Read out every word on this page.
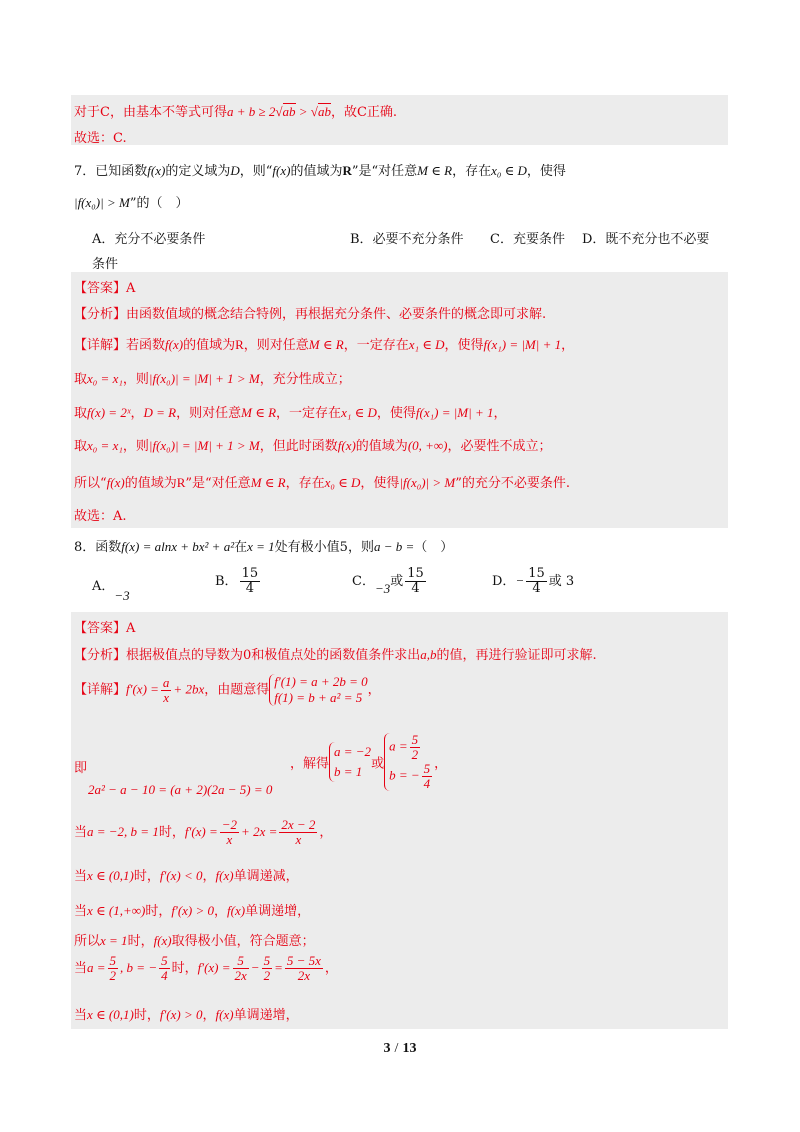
对于C，由基本不等式可得a + b ≥ 2√ab > √ab，故C正确.
故选：C.
7．已知函数f(x)的定义域为D，则“f(x)的值域为R”是“对任意M ∈ R，存在x₀ ∈ D，使得
|f(x₀)| > M”的（　）
A．充分不必要条件
条件
B．必要不充分条件 C．充要条件 D．既不充分也不必要
【答案】A
【分析】由函数值域的概念结合特例，再根据充分条件、必要条件的概念即可求解.
【详解】若函数f(x)的值域为R，则对任意M ∈ R，一定存在x₁ ∈ D，使得f(x₁) = |M| + 1，
取x₀ = x₁，则|f(x₀)| = |M| + 1 > M，充分性成立；
取f(x) = 2ˣ，D = R，则对任意M ∈ R，一定存在x₁ ∈ D，使得f(x₁) = |M| + 1，
取x₀ = x₁，则|f(x₀)| = |M| + 1 > M，但此时函数f(x)的值域为(0, +∞)，必要性不成立；
所以“f(x)的值域为R”是“对任意M ∈ R，存在x₀ ∈ D，使得|f(x₀)| > M”的充分不必要条件.
故选：A.
8．函数f(x) = alnx + bx² + a²在x = 1处有极小值5，则a − b =（　）
A．−3
B． $\frac{15}{4}$	C．−3或 $\frac{15}{4}$	D．− $\frac{15}{4}$ 或 3
【答案】A
【分析】根据极值点的导数为0和极值点处的函数值条件求出a,b的值，再进行验证即可求解.
【详解】$f'(x) = \frac{a}{x} + 2bx$，由题意得
f′(1) = a + 2b = 0
f(1) = b + a² = 5 ，
即
2a² − a − 10 = (a + 2)(2a − 5) = 0
，解得
a = −2
b = 1 或
$a = \frac{5}{2}$
b = − $\frac{5}{4}$ ，
当a = −2, b = 1时，$f'(x) = \frac{-2}{x} + 2x = \frac{2x - 2}{x}$ ，
当x ∈ (0,1)时，f′(x) < 0，f(x)单调递减，
当x ∈ (1,+∞)时，f′(x) > 0，f(x)单调递增，
所以x = 1时，f(x)取得极小值，符合题意；
当$a = \frac{5}{2}$ , b = − $\frac{5}{4}$ 时，$f'(x) = \frac{5}{2x} - \frac{5}{2} = \frac{5 - 5x}{2x}$ ，
当x ∈ (0,1)时，f′(x) > 0，f(x)单调递增，
3 / 13
